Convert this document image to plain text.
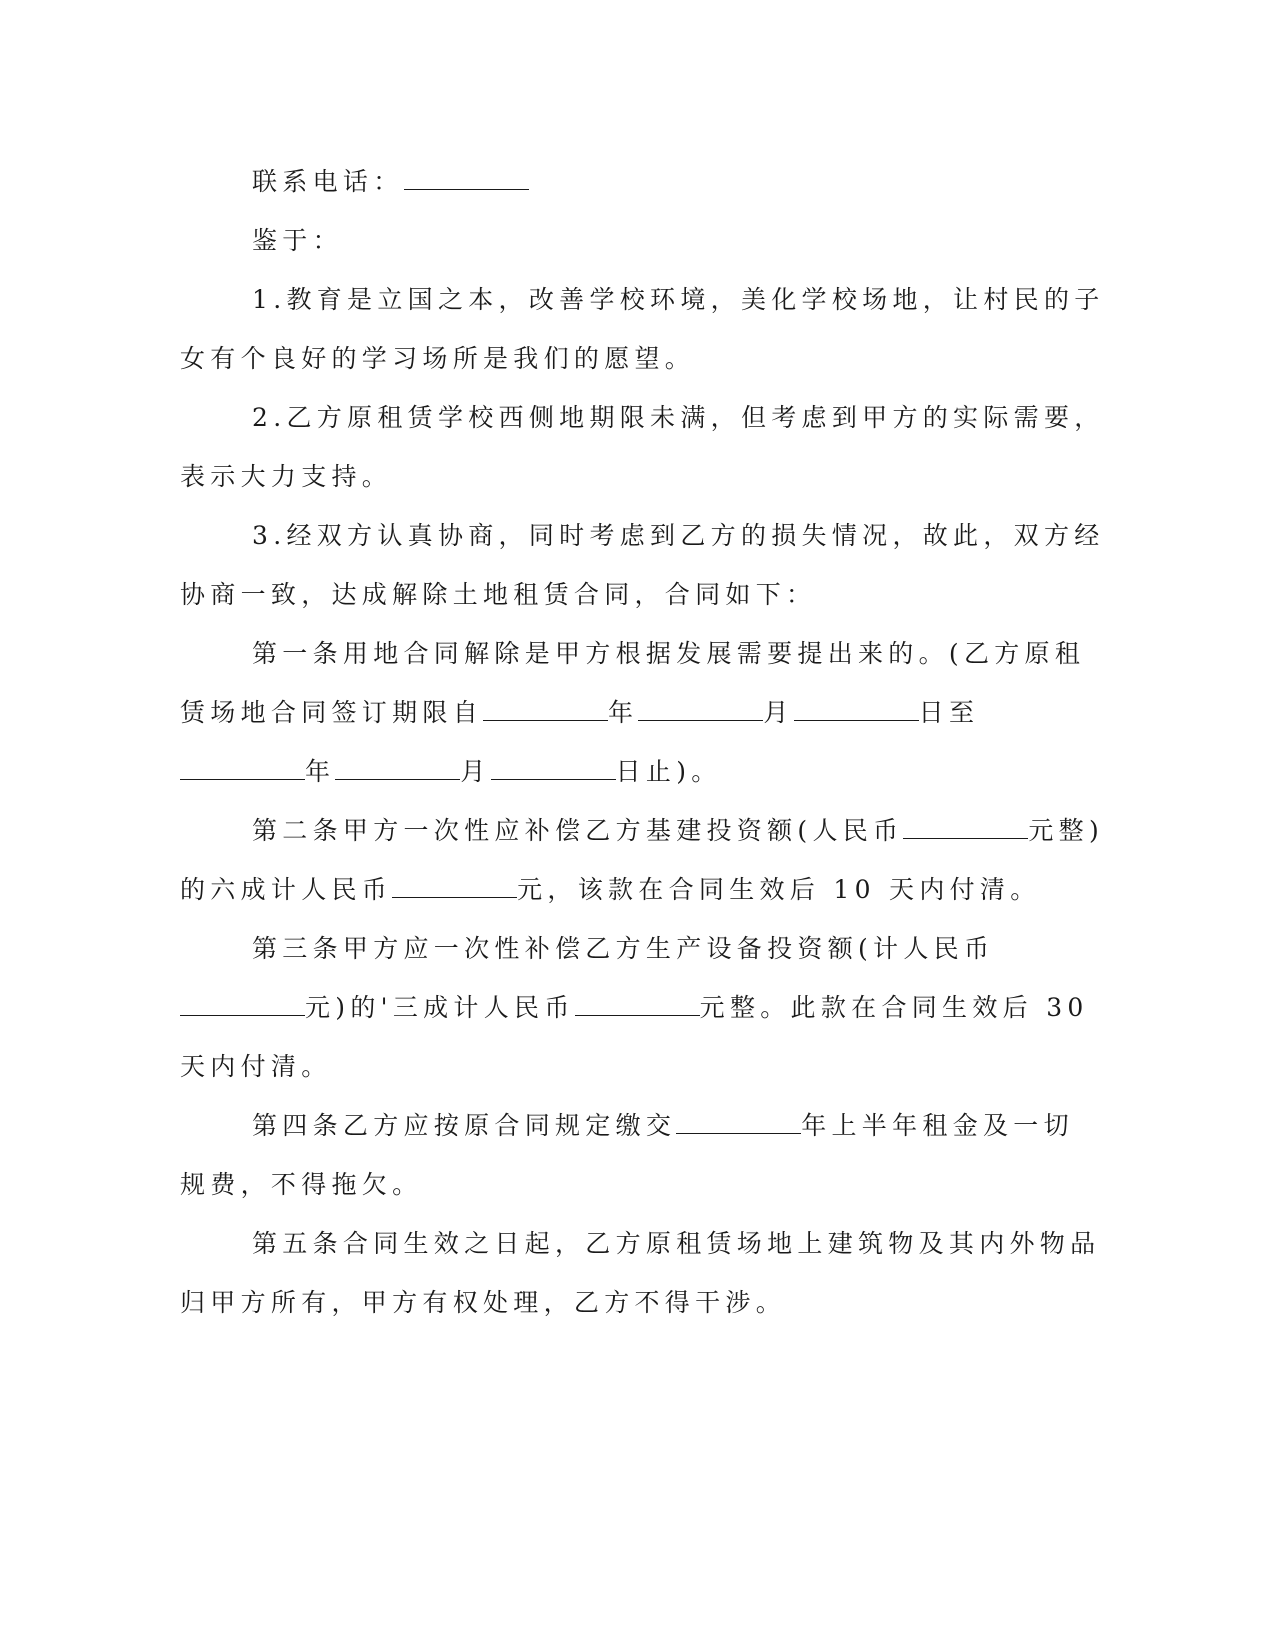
联系电话：
鉴于：
1.教育是立国之本，改善学校环境，美化学校场地，让村民的子
女有个良好的学习场所是我们的愿望。
2.乙方原租赁学校西侧地期限未满，但考虑到甲方的实际需要，
表示大力支持。
3.经双方认真协商，同时考虑到乙方的损失情况，故此，双方经
协商一致，达成解除土地租赁合同，合同如下：
第一条用地合同解除是甲方根据发展需要提出来的。(乙方原租
赁场地合同签订期限自	年	月	日至
年	月	日止)。
第二条甲方一次性应补偿乙方基建投资额(人民币	元整)
的六成计人民币	元，该款在合同生效后 10 天内付清。
第三条甲方应一次性补偿乙方生产设备投资额(计人民币
元)的'三成计人民币	元整。此款在合同生效后 30
天内付清。
第四条乙方应按原合同规定缴交	年上半年租金及一切
规费，不得拖欠。
第五条合同生效之日起，乙方原租赁场地上建筑物及其内外物品
归甲方所有，甲方有权处理，乙方不得干涉。
